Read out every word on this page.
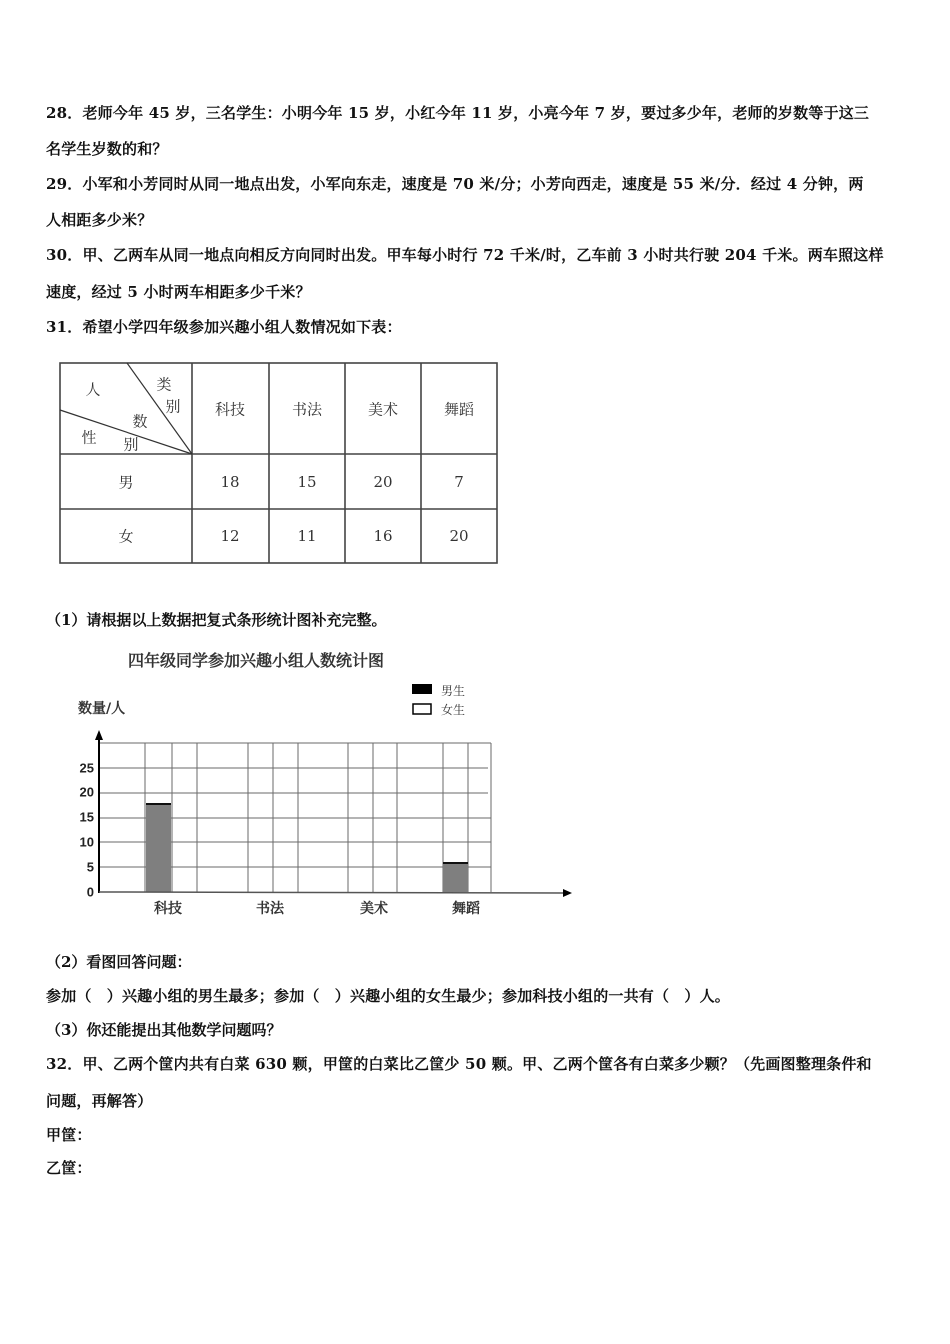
28．老师今年 45 岁，三名学生：小明今年 15 岁，小红今年 11 岁，小亮今年 7 岁，要过多少年，老师的岁数等于这三
名学生岁数的和？
29．小军和小芳同时从同一地点出发，小军向东走，速度是 70 米/分；小芳向西走，速度是 55 米/分．经过 4 分钟，两
人相距多少米？
30．甲、乙两车从同一地点向相反方向同时出发。甲车每小时行 72 千米/时，乙车前 3 小时共行驶 204 千米。两车照这样
速度，经过 5 小时两车相距多少千米？
31．希望小学四年级参加兴趣小组人数情况如下表：
人	类
别
数
性 别
科技	书法	美术	舞蹈
男	18	15	20	7
女	12	11	16	20
（1）请根据以上数据把复式条形统计图补充完整。
四年级同学参加兴趣小组人数统计图
男生
女生
数量/人
25
20
15
10
5
0
科技	书法	美术	舞蹈
（2）看图回答问题：
参加（　）兴趣小组的男生最多；参加（　）兴趣小组的女生最少；参加科技小组的一共有（　）人。
（3）你还能提出其他数学问题吗？
32．甲、乙两个筐内共有白菜 630 颗，甲筐的白菜比乙筐少 50 颗。甲、乙两个筐各有白菜多少颗？（先画图整理条件和
问题，再解答）
甲筐：
乙筐：
